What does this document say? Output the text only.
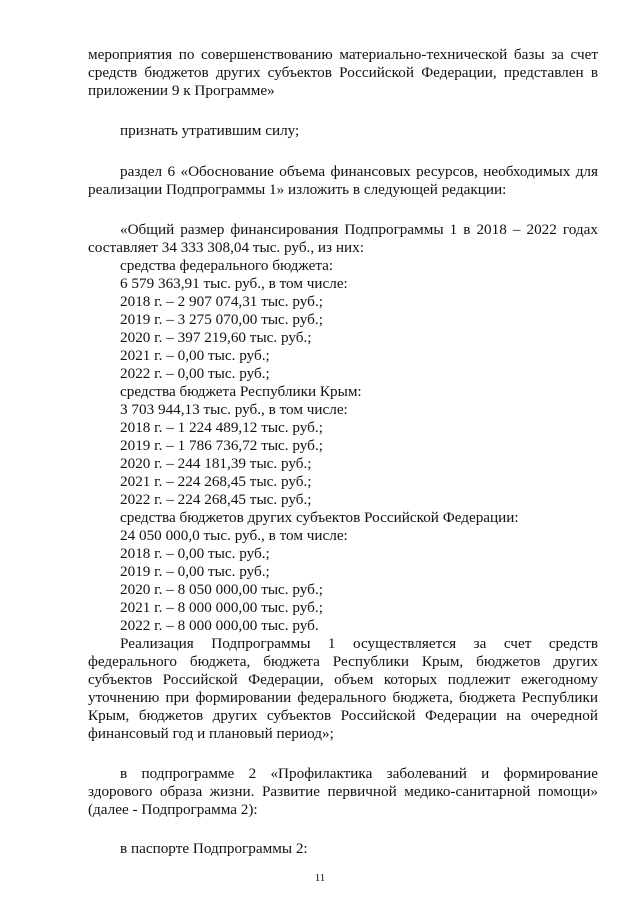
мероприятия по совершенствованию материально-технической базы за счет
средств бюджетов других субъектов Российской Федерации, представлен в
приложении 9 к Программе»
признать утратившим силу;
раздел 6 «Обоснование объема финансовых ресурсов, необходимых для
реализации Подпрограммы 1» изложить в следующей редакции:
«Общий размер финансирования Подпрограммы 1 в 2018 – 2022 годах
составляет 34 333 308,04 тыс. руб., из них:
средства федерального бюджета:
6 579 363,91 тыс. руб., в том числе:
2018 г. – 2 907 074,31 тыс. руб.;
2019 г. – 3 275 070,00 тыс. руб.;
2020 г. – 397 219,60 тыс. руб.;
2021 г. – 0,00 тыс. руб.;
2022 г. – 0,00 тыс. руб.;
средства бюджета Республики Крым:
3 703 944,13 тыс. руб., в том числе:
2018 г. – 1 224 489,12 тыс. руб.;
2019 г. – 1 786 736,72 тыс. руб.;
2020 г. – 244 181,39 тыс. руб.;
2021 г. – 224 268,45 тыс. руб.;
2022 г. – 224 268,45 тыс. руб.;
средства бюджетов других субъектов Российской Федерации:
24 050 000,0 тыс. руб., в том числе:
2018 г. – 0,00 тыс. руб.;
2019 г. – 0,00 тыс. руб.;
2020 г. – 8 050 000,00 тыс. руб.;
2021 г. – 8 000 000,00 тыс. руб.;
2022 г. – 8 000 000,00 тыс. руб.
Реализация Подпрограммы 1 осуществляется за счет средств
федерального бюджета, бюджета Республики Крым, бюджетов других
субъектов Российской Федерации, объем которых подлежит ежегодному
уточнению при формировании федерального бюджета, бюджета Республики
Крым, бюджетов других субъектов Российской Федерации на очередной
финансовый год и плановый период»;
в подпрограмме 2 «Профилактика заболеваний и формирование
здорового образа жизни. Развитие первичной медико-санитарной помощи»
(далее - Подпрограмма 2):
11
в паспорте Подпрограммы 2:
